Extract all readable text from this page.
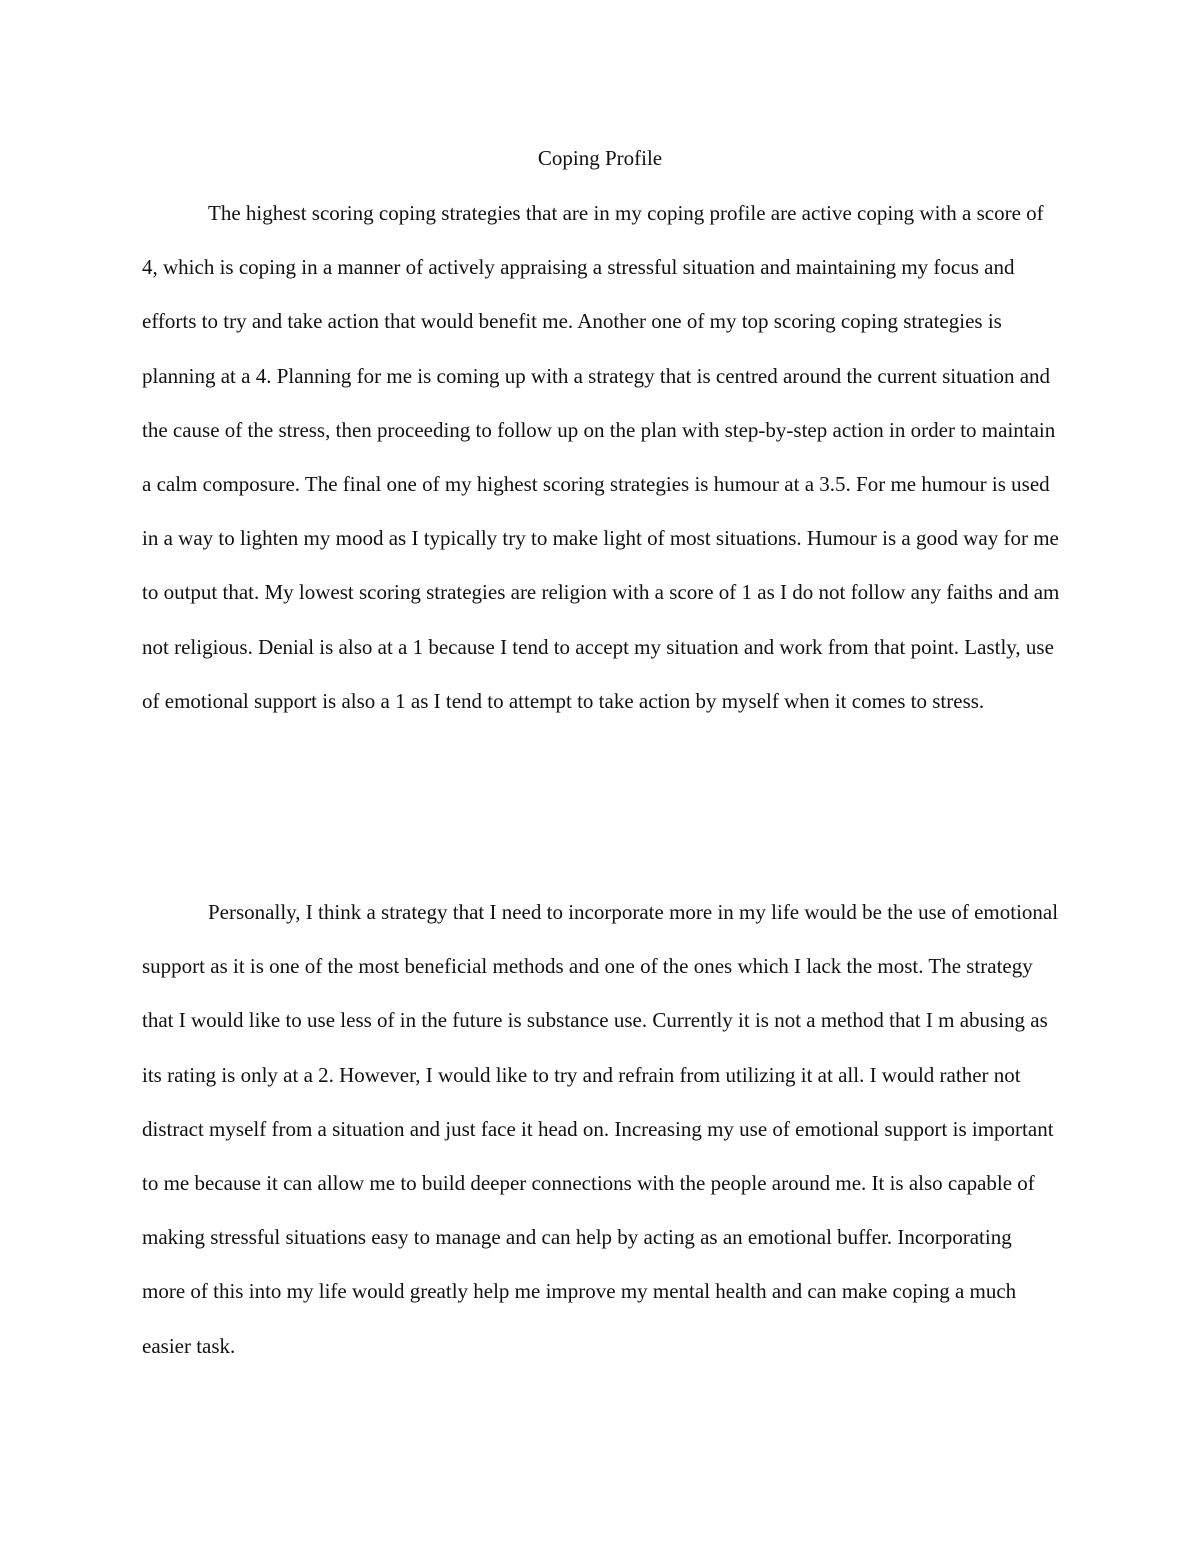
Coping Profile

The highest scoring coping strategies that are in my coping profile are active coping with a score of 4, which is coping in a manner of actively appraising a stressful situation and maintaining my focus and efforts to try and take action that would benefit me. Another one of my top scoring coping strategies is planning at a 4. Planning for me is coming up with a strategy that is centred around the current situation and the cause of the stress, then proceeding to follow up on the plan with step-by-step action in order to maintain a calm composure. The final one of my highest scoring strategies is humour at a 3.5. For me humour is used in a way to lighten my mood as I typically try to make light of most situations. Humour is a good way for me to output that. My lowest scoring strategies are religion with a score of 1 as I do not follow any faiths and am not religious. Denial is also at a 1 because I tend to accept my situation and work from that point. Lastly, use of emotional support is also a 1 as I tend to attempt to take action by myself when it comes to stress.

Personally, I think a strategy that I need to incorporate more in my life would be the use of emotional support as it is one of the most beneficial methods and one of the ones which I lack the most. The strategy that I would like to use less of in the future is substance use. Currently it is not a method that I m abusing as its rating is only at a 2. However, I would like to try and refrain from utilizing it at all. I would rather not distract myself from a situation and just face it head on. Increasing my use of emotional support is important to me because it can allow me to build deeper connections with the people around me. It is also capable of making stressful situations easy to manage and can help by acting as an emotional buffer. Incorporating more of this into my life would greatly help me improve my mental health and can make coping a much easier task.
